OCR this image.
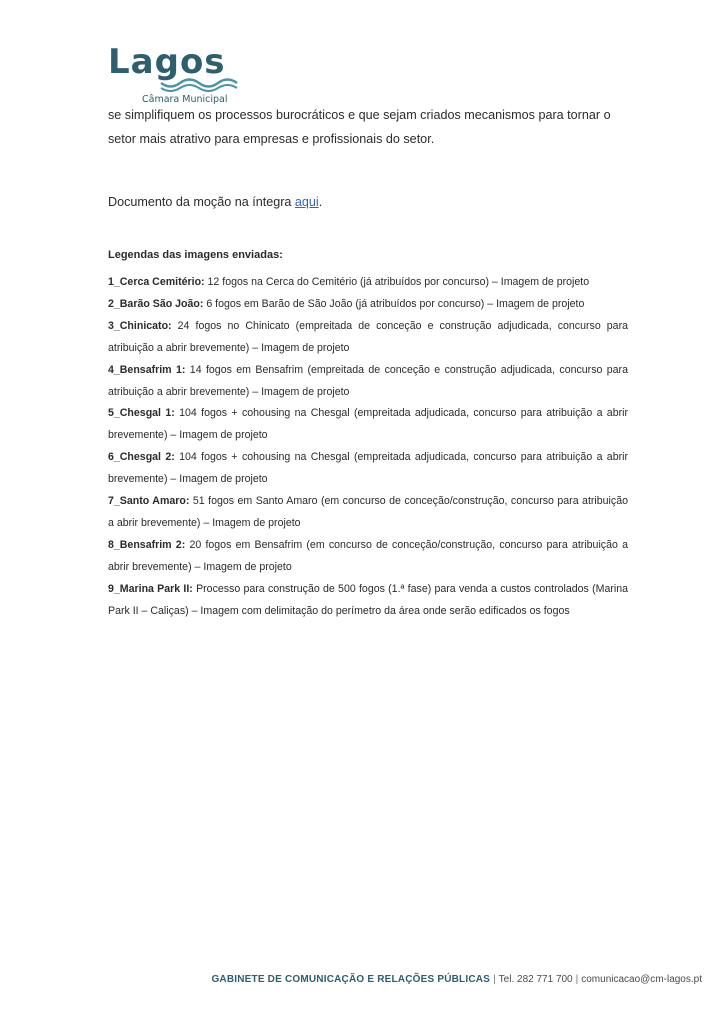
Lagos
Câmara Municipal

se simplifiquem os processos burocráticos e que sejam criados mecanismos para tornar o setor mais atrativo para empresas e profissionais do setor.

Documento da moção na íntegra aqui.

Legendas das imagens enviadas:
1_Cerca Cemitério: 12 fogos na Cerca do Cemitério (já atribuídos por concurso) – Imagem de projeto
2_Barão São João: 6 fogos em Barão de São João (já atribuídos por concurso) – Imagem de projeto
3_Chinicato: 24 fogos no Chinicato (empreitada de conceção e construção adjudicada, concurso para atribuição a abrir brevemente) – Imagem de projeto
4_Bensafrim 1: 14 fogos em Bensafrim (empreitada de conceção e construção adjudicada, concurso para atribuição a abrir brevemente) – Imagem de projeto
5_Chesgal 1: 104 fogos + cohousing na Chesgal (empreitada adjudicada, concurso para atribuição a abrir brevemente) – Imagem de projeto
6_Chesgal 2: 104 fogos + cohousing na Chesgal (empreitada adjudicada, concurso para atribuição a abrir brevemente) – Imagem de projeto
7_Santo Amaro: 51 fogos em Santo Amaro (em concurso de conceção/construção, concurso para atribuição a abrir brevemente) – Imagem de projeto
8_Bensafrim 2: 20 fogos em Bensafrim (em concurso de conceção/construção, concurso para atribuição a abrir brevemente) – Imagem de projeto
9_Marina Park II: Processo para construção de 500 fogos (1.ª fase) para venda a custos controlados (Marina Park II – Caliças) – Imagem com delimitação do perímetro da área onde serão edificados os fogos
GABINETE DE COMUNICAÇÃO E RELAÇÕES PÚBLICAS | Tel. 282 771 700 | comunicacao@cm-lagos.pt
